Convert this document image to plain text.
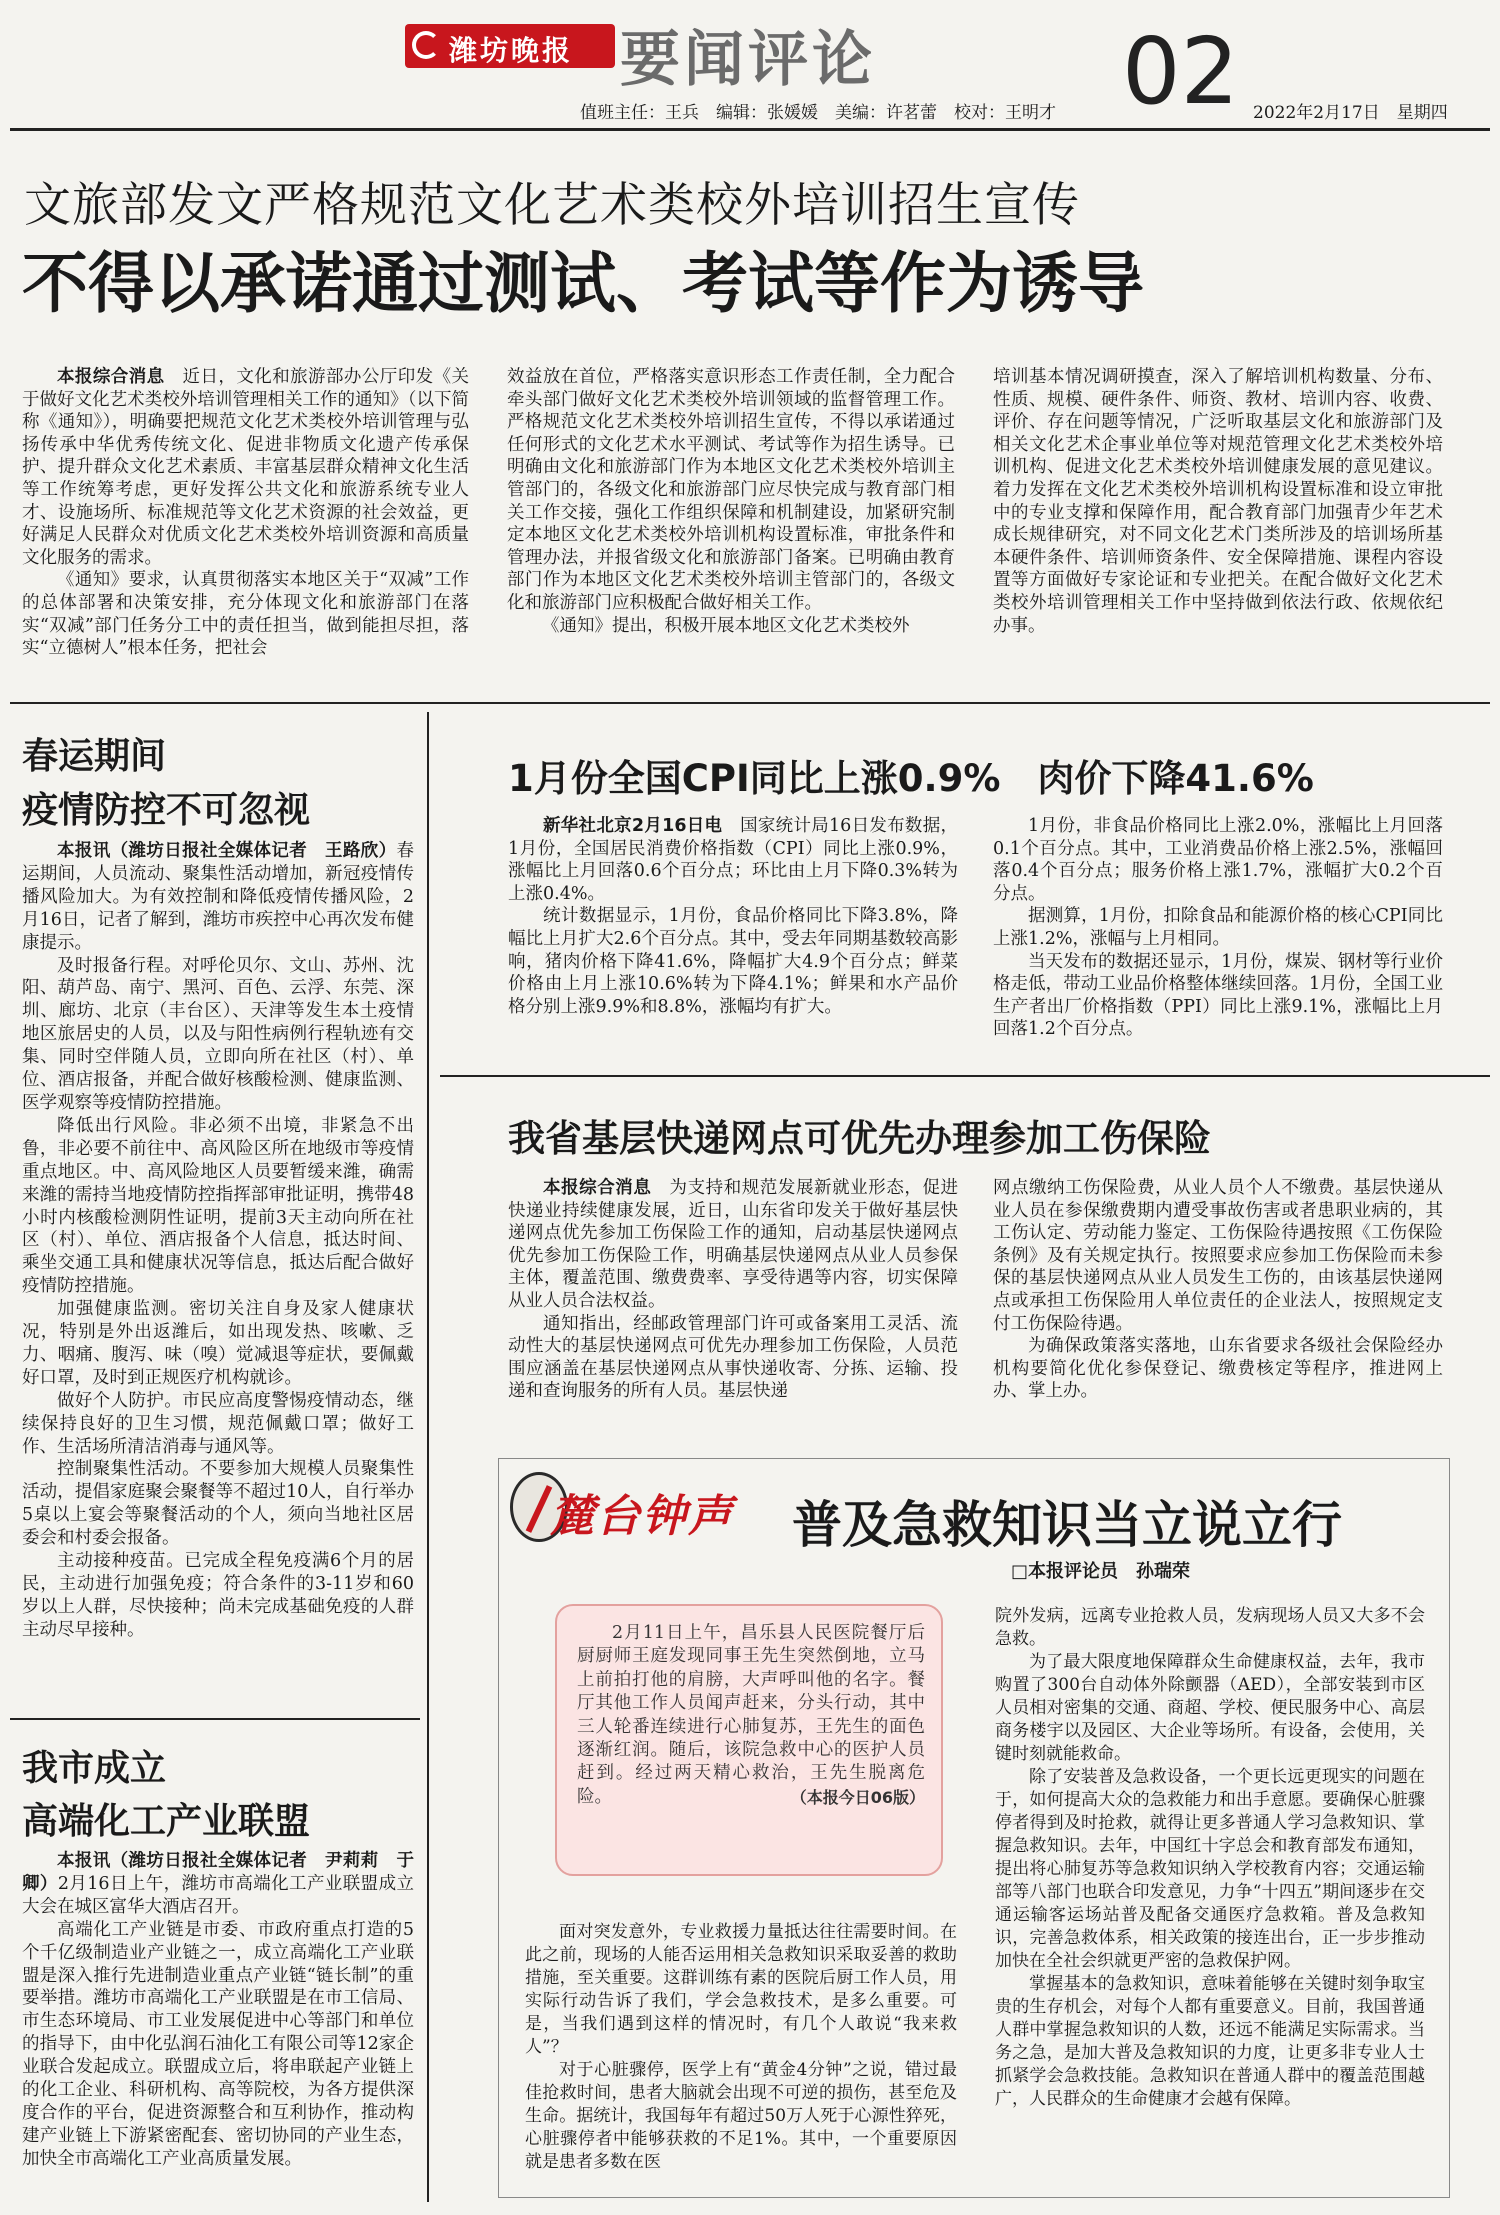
潍坊晚报 要闻评论
值班主任：王兵　编辑：张媛媛　美编：许茗蕾　校对：王明才 02 2022年2月17日　星期四
文旅部发文严格规范文化艺术类校外培训招生宣传
不得以承诺通过测试、考试等作为诱导

本报综合消息　 近日，文化和旅游部办公厅印发《关于做好文化艺术类校外培训管理相关工作的通知》（以下简称《通知》），明确要把规范文化艺术类校外培训管理与弘扬传承中华优秀传统文化、促进非物质文化遗产传承保护、提升群众文化艺术素质、丰富基层群众精神文化生活等工作统筹考虑，更好发挥公共文化和旅游系统专业人才、设施场所、标准规范等文化艺术资源的社会效益，更好满足人民群众对优质文化艺术类校外培训资源和高质量文化服务的需求。

《通知》要求，认真贯彻落实本地区关于“双减”工作的总体部署和决策安排，充分体现文化和旅游部门在落实“双减”部门任务分工中的责任担当，做到能担尽担，落实“立德树人”根本任务，把社会

效益放在首位，严格落实意识形态工作责任制，全力配合牵头部门做好文化艺术类校外培训领域的监督管理工作。严格规范文化艺术类校外培训招生宣传，不得以承诺通过任何形式的文化艺术水平测试、考试等作为招生诱导。已明确由文化和旅游部门作为本地区文化艺术类校外培训主管部门的，各级文化和旅游部门应尽快完成与教育部门相关工作交接，强化工作组织保障和机制建设，加紧研究制定本地区文化艺术类校外培训机构设置标准，审批条件和管理办法，并报省级文化和旅游部门备案。已明确由教育部门作为本地区文化艺术类校外培训主管部门的，各级文化和旅游部门应积极配合做好相关工作。

《通知》提出，积极开展本地区文化艺术类校外

培训基本情况调研摸查，深入了解培训机构数量、分布、性质、规模、硬件条件、师资、教材、培训内容、收费、评价、存在问题等情况，广泛听取基层文化和旅游部门及相关文化艺术企事业单位等对规范管理文化艺术类校外培训机构、促进文化艺术类校外培训健康发展的意见建议。着力发挥在文化艺术类校外培训机构设置标准和设立审批中的专业支撑和保障作用，配合教育部门加强青少年艺术成长规律研究，对不同文化艺术门类所涉及的培训场所基本硬件条件、培训师资条件、安全保障措施、课程内容设置等方面做好专家论证和专业把关。在配合做好文化艺术类校外培训管理相关工作中坚持做到依法行政、依规依纪办事。

春运期间
疫情防控不可忽视

本报讯（潍坊日报社全媒体记者　王路欣）春运期间，人员流动、聚集性活动增加，新冠疫情传播风险加大。为有效控制和降低疫情传播风险，2月16日，记者了解到，潍坊市疾控中心再次发布健康提示。

及时报备行程。对呼伦贝尔、文山、苏州、沈阳、葫芦岛、南宁、黑河、百色、云浮、东莞、深圳、廊坊、北京（丰台区）、天津等发生本土疫情地区旅居史的人员，以及与阳性病例行程轨迹有交集、同时空伴随人员，立即向所在社区（村）、单位、酒店报备，并配合做好核酸检测、健康监测、医学观察等疫情防控措施。

降低出行风险。非必须不出境，非紧急不出鲁，非必要不前往中、高风险区所在地级市等疫情重点地区。中、高风险地区人员要暂缓来潍，确需来潍的需持当地疫情防控指挥部审批证明，携带48小时内核酸检测阴性证明，提前3天主动向所在社区（村）、单位、酒店报备个人信息，抵达时间、乘坐交通工具和健康状况等信息，抵达后配合做好疫情防控措施。

加强健康监测。密切关注自身及家人健康状况，特别是外出返潍后，如出现发热、咳嗽、乏力、咽痛、腹泻、味（嗅）觉减退等症状，要佩戴好口罩，及时到正规医疗机构就诊。

做好个人防护。市民应高度警惕疫情动态，继续保持良好的卫生习惯，规范佩戴口罩；做好工作、生活场所清洁消毒与通风等。

控制聚集性活动。不要参加大规模人员聚集性活动，提倡家庭聚会聚餐等不超过10人，自行举办5桌以上宴会等聚餐活动的个人，须向当地社区居委会和村委会报备。

主动接种疫苗。已完成全程免疫满6个月的居民，主动进行加强免疫；符合条件的3-11岁和60岁以上人群，尽快接种；尚未完成基础免疫的人群主动尽早接种。

我市成立
高端化工产业联盟

本报讯（潍坊日报社全媒体记者　尹莉莉　于卿）2月16日上午，潍坊市高端化工产业联盟成立大会在城区富华大酒店召开。

高端化工产业链是市委、市政府重点打造的5个千亿级制造业产业链之一，成立高端化工产业联盟是深入推行先进制造业重点产业链“链长制”的重要举措。潍坊市高端化工产业联盟是在市工信局、市生态环境局、市工业发展促进中心等部门和单位的指导下，由中化弘润石油化工有限公司等12家企业联合发起成立。联盟成立后，将串联起产业链上的化工企业、科研机构、高等院校，为各方提供深度合作的平台，促进资源整合和互利协作，推动构建产业链上下游紧密配套、密切协同的产业生态，加快全市高端化工产业高质量发展。

1月份全国CPI同比上涨0.9%　肉价下降41.6%

新华社北京2月16日电　 国家统计局16日发布数据，1月份，全国居民消费价格指数（CPI）同比上涨0.9%，涨幅比上月回落0.6个百分点；环比由上月下降0.3%转为上涨0.4%。

统计数据显示，1月份，食品价格同比下降3.8%，降幅比上月扩大2.6个百分点。其中，受去年同期基数较高影响，猪肉价格下降41.6%，降幅扩大4.9个百分点；鲜菜价格由上月上涨10.6%转为下降4.1%；鲜果和水产品价格分别上涨9.9%和8.8%，涨幅均有扩大。

1月份，非食品价格同比上涨2.0%，涨幅比上月回落0.1个百分点。其中，工业消费品价格上涨2.5%，涨幅回落0.4个百分点；服务价格上涨1.7%，涨幅扩大0.2个百分点。

据测算，1月份，扣除食品和能源价格的核心CPI同比上涨1.2%，涨幅与上月相同。

当天发布的数据还显示，1月份，煤炭、钢材等行业价格走低，带动工业品价格整体继续回落。1月份，全国工业生产者出厂价格指数（PPI）同比上涨9.1%，涨幅比上月回落1.2个百分点。

我省基层快递网点可优先办理参加工伤保险

本报综合消息　 为支持和规范发展新就业形态，促进快递业持续健康发展，近日，山东省印发关于做好基层快递网点优先参加工伤保险工作的通知，启动基层快递网点优先参加工伤保险工作，明确基层快递网点从业人员参保主体，覆盖范围、缴费费率、享受待遇等内容，切实保障从业人员合法权益。

通知指出，经邮政管理部门许可或备案用工灵活、流动性大的基层快递网点可优先办理参加工伤保险，人员范围应涵盖在基层快递网点从事快递收寄、分拣、运输、投递和查询服务的所有人员。基层快递

网点缴纳工伤保险费，从业人员个人不缴费。基层快递从业人员在参保缴费期内遭受事故伤害或者患职业病的，其工伤认定、劳动能力鉴定、工伤保险待遇按照《工伤保险条例》及有关规定执行。按照要求应参加工伤保险而未参保的基层快递网点从业人员发生工伤的，由该基层快递网点或承担工伤保险用人单位责任的企业法人，按照规定支付工伤保险待遇。

为确保政策落实落地，山东省要求各级社会保险经办机构要简化优化参保登记、缴费核定等程序，推进网上办、掌上办。

麓台钟声 普及急救知识当立说立行
□本报评论员　孙瑞荣

2月11日上午，昌乐县人民医院餐厅后厨厨师王庭发现同事王先生突然倒地，立马上前拍打他的肩膀，大声呼叫他的名字。餐厅其他工作人员闻声赶来，分头行动，其中三人轮番连续进行心肺复苏，王先生的面色逐渐红润。随后，该院急救中心的医护人员赶到。经过两天精心救治，王先生脱离危险。	（本报今日06版）

面对突发意外，专业救援力量抵达往往需要时间。在此之前，现场的人能否运用相关急救知识采取妥善的救助措施，至关重要。这群训练有素的医院后厨工作人员，用实际行动告诉了我们，学会急救技术，是多么重要。可是，当我们遇到这样的情况时，有几个人敢说“我来救人”？

对于心脏骤停，医学上有“黄金4分钟”之说，错过最佳抢救时间，患者大脑就会出现不可逆的损伤，甚至危及生命。据统计，我国每年有超过50万人死于心源性猝死，心脏骤停者中能够获救的不足1%。其中，一个重要原因就是患者多数在医

院外发病，远离专业抢救人员，发病现场人员又大多不会急救。

为了最大限度地保障群众生命健康权益，去年，我市购置了300台自动体外除颤器（AED），全部安装到市区人员相对密集的交通、商超、学校、便民服务中心、高层商务楼宇以及园区、大企业等场所。有设备，会使用，关键时刻就能救命。

除了安装普及急救设备，一个更长远更现实的问题在于，如何提高大众的急救能力和出手意愿。要确保心脏骤停者得到及时抢救，就得让更多普通人学习急救知识、掌握急救知识。去年，中国红十字总会和教育部发布通知，提出将心肺复苏等急救知识纳入学校教育内容；交通运输部等八部门也联合印发意见，力争“十四五”期间逐步在交通运输客运场站普及配备交通医疗急救箱。普及急救知识，完善急救体系，相关政策的接连出台，正一步步推动加快在全社会织就更严密的急救保护网。

掌握基本的急救知识，意味着能够在关键时刻争取宝贵的生存机会，对每个人都有重要意义。目前，我国普通人群中掌握急救知识的人数，还远不能满足实际需求。当务之急，是加大普及急救知识的力度，让更多非专业人士抓紧学会急救技能。急救知识在普通人群中的覆盖范围越广，人民群众的生命健康才会越有保障。
